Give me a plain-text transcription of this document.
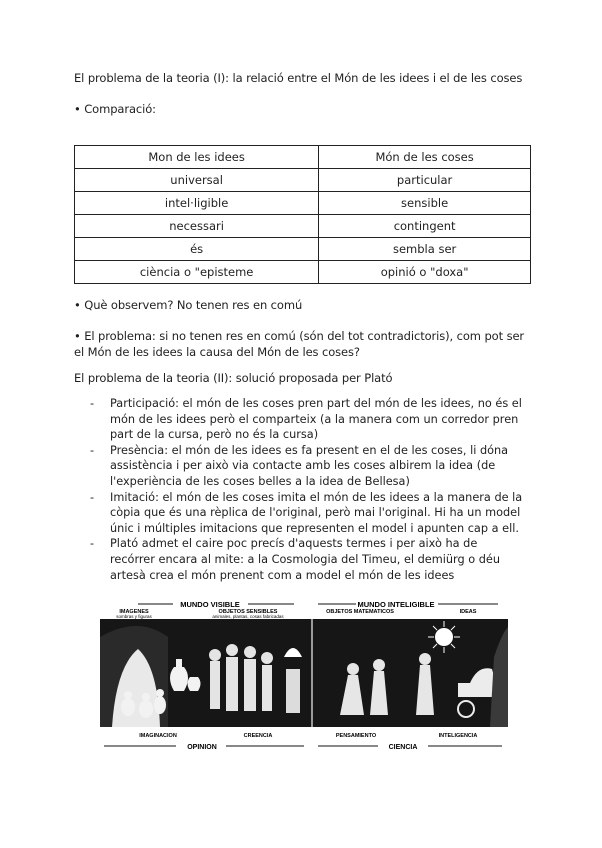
El problema de la teoria (I): la relació entre el Món de les idees i el de les coses
• Comparació:
Mon de les idees	Món de les coses
universal	particular
intel·ligible	sensible
necessari	contingent
és	sembla ser
ciència o "episteme	opinió o "doxa"
• Què observem? No tenen res en comú
• El problema: si no tenen res en comú (són del tot contradictoris), com pot ser
el Món de les idees la causa del Món de les coses?
El problema de la teoria (II): solució proposada per Plató
- Participació: el món de les coses pren part del món de les idees, no és el
món de les idees però el comparteix (a la manera com un corredor pren
part de la cursa, però no és la cursa)
- Presència: el món de les idees es fa present en el de les coses, li dóna
assistència i per això via contacte amb les coses albirem la idea (de
l'experiència de les coses belles a la idea de Bellesa)
- Imitació: el món de les coses imita el món de les idees a la manera de la
còpia que és una rèplica de l'original, però mai l'original. Hi ha un model
únic i múltiples imitacions que representen el model i apunten cap a ell.
- Plató admet el caire poc precís d'aquests termes i per això ha de
recórrer encara al mite: a la Cosmologia del Timeu, el demiürg o déu
artesà crea el món prenent com a model el món de les idees
MUNDO VISIBLE	MUNDO INTELIGIBLE
IMAGENES
sombras y figuras
OBJETOS SENSIBLES
animales, plantas, cosas fabricadas
OBJETOS MATEMATICOS	IDEAS
IMAGINACION	CREENCIA	PENSAMIENTO	INTELIGENCIA
OPINION	CIENCIA
